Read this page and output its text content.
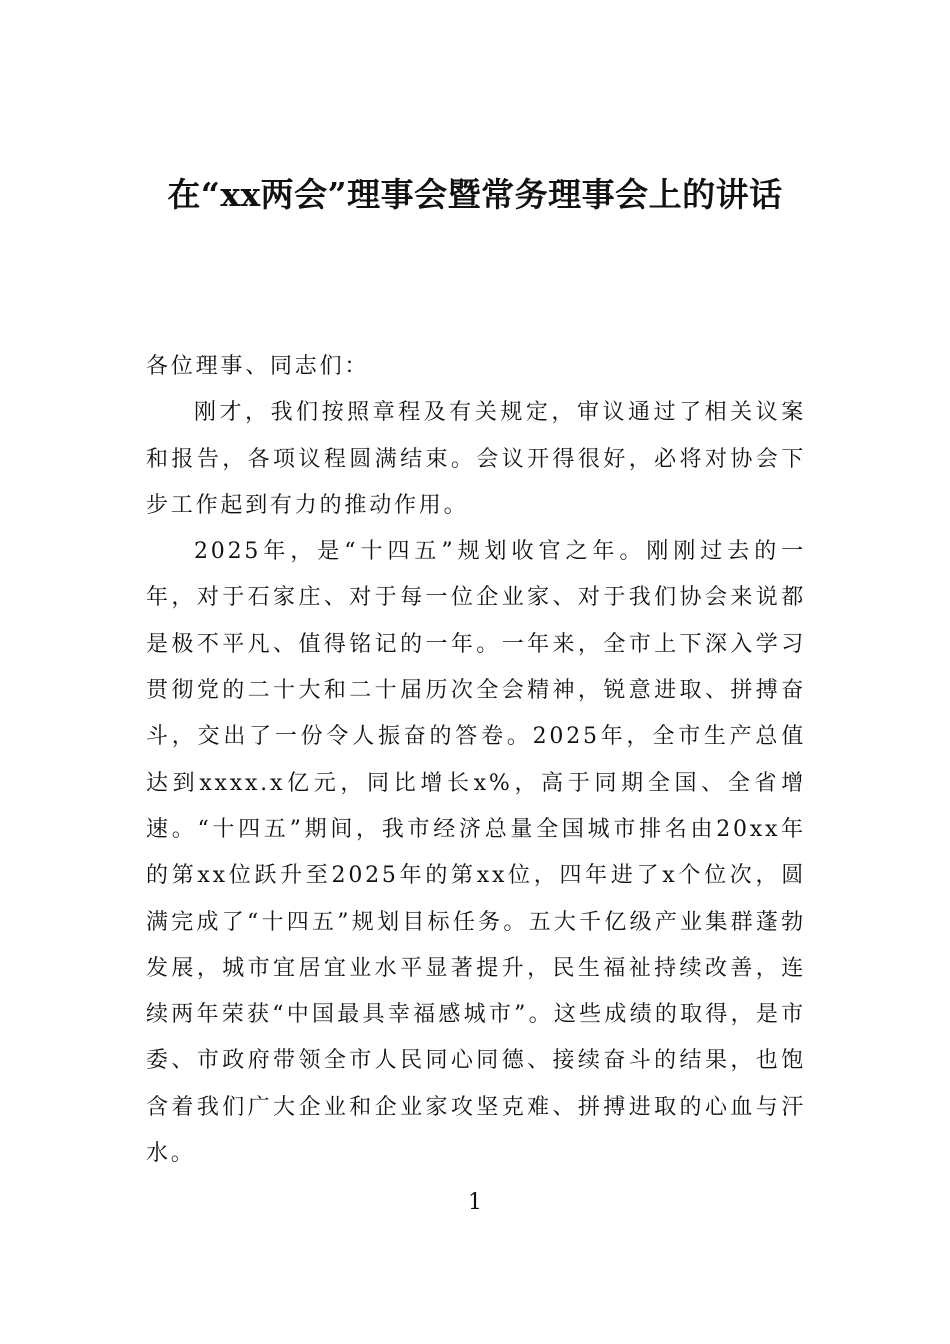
在“xx两会”理事会暨常务理事会上的讲话

各位理事、同志们：

刚才，我们按照章程及有关规定，审议通过了相关议案和报告，各项议程圆满结束。会议开得很好，必将对协会下步工作起到有力的推动作用。

2025年，是“十四五”规划收官之年。刚刚过去的一年，对于石家庄、对于每一位企业家、对于我们协会来说都是极不平凡、值得铭记的一年。一年来，全市上下深入学习贯彻党的二十大和二十届历次全会精神，锐意进取、拼搏奋斗，交出了一份令人振奋的答卷。2025年，全市生产总值达到xxxx.x亿元，同比增长x%，高于同期全国、全省增速。“十四五”期间，我市经济总量全国城市排名由20xx年的第xx位跃升至2025年的第xx位，四年进了x个位次，圆满完成了“十四五”规划目标任务。五大千亿级产业集群蓬勃发展，城市宜居宜业水平显著提升，民生福祉持续改善，连续两年荣获“中国最具幸福感城市”。这些成绩的取得，是市委、市政府带领全市人民同心同德、接续奋斗的结果，也饱含着我们广大企业和企业家攻坚克难、拼搏进取的心血与汗水。

1
